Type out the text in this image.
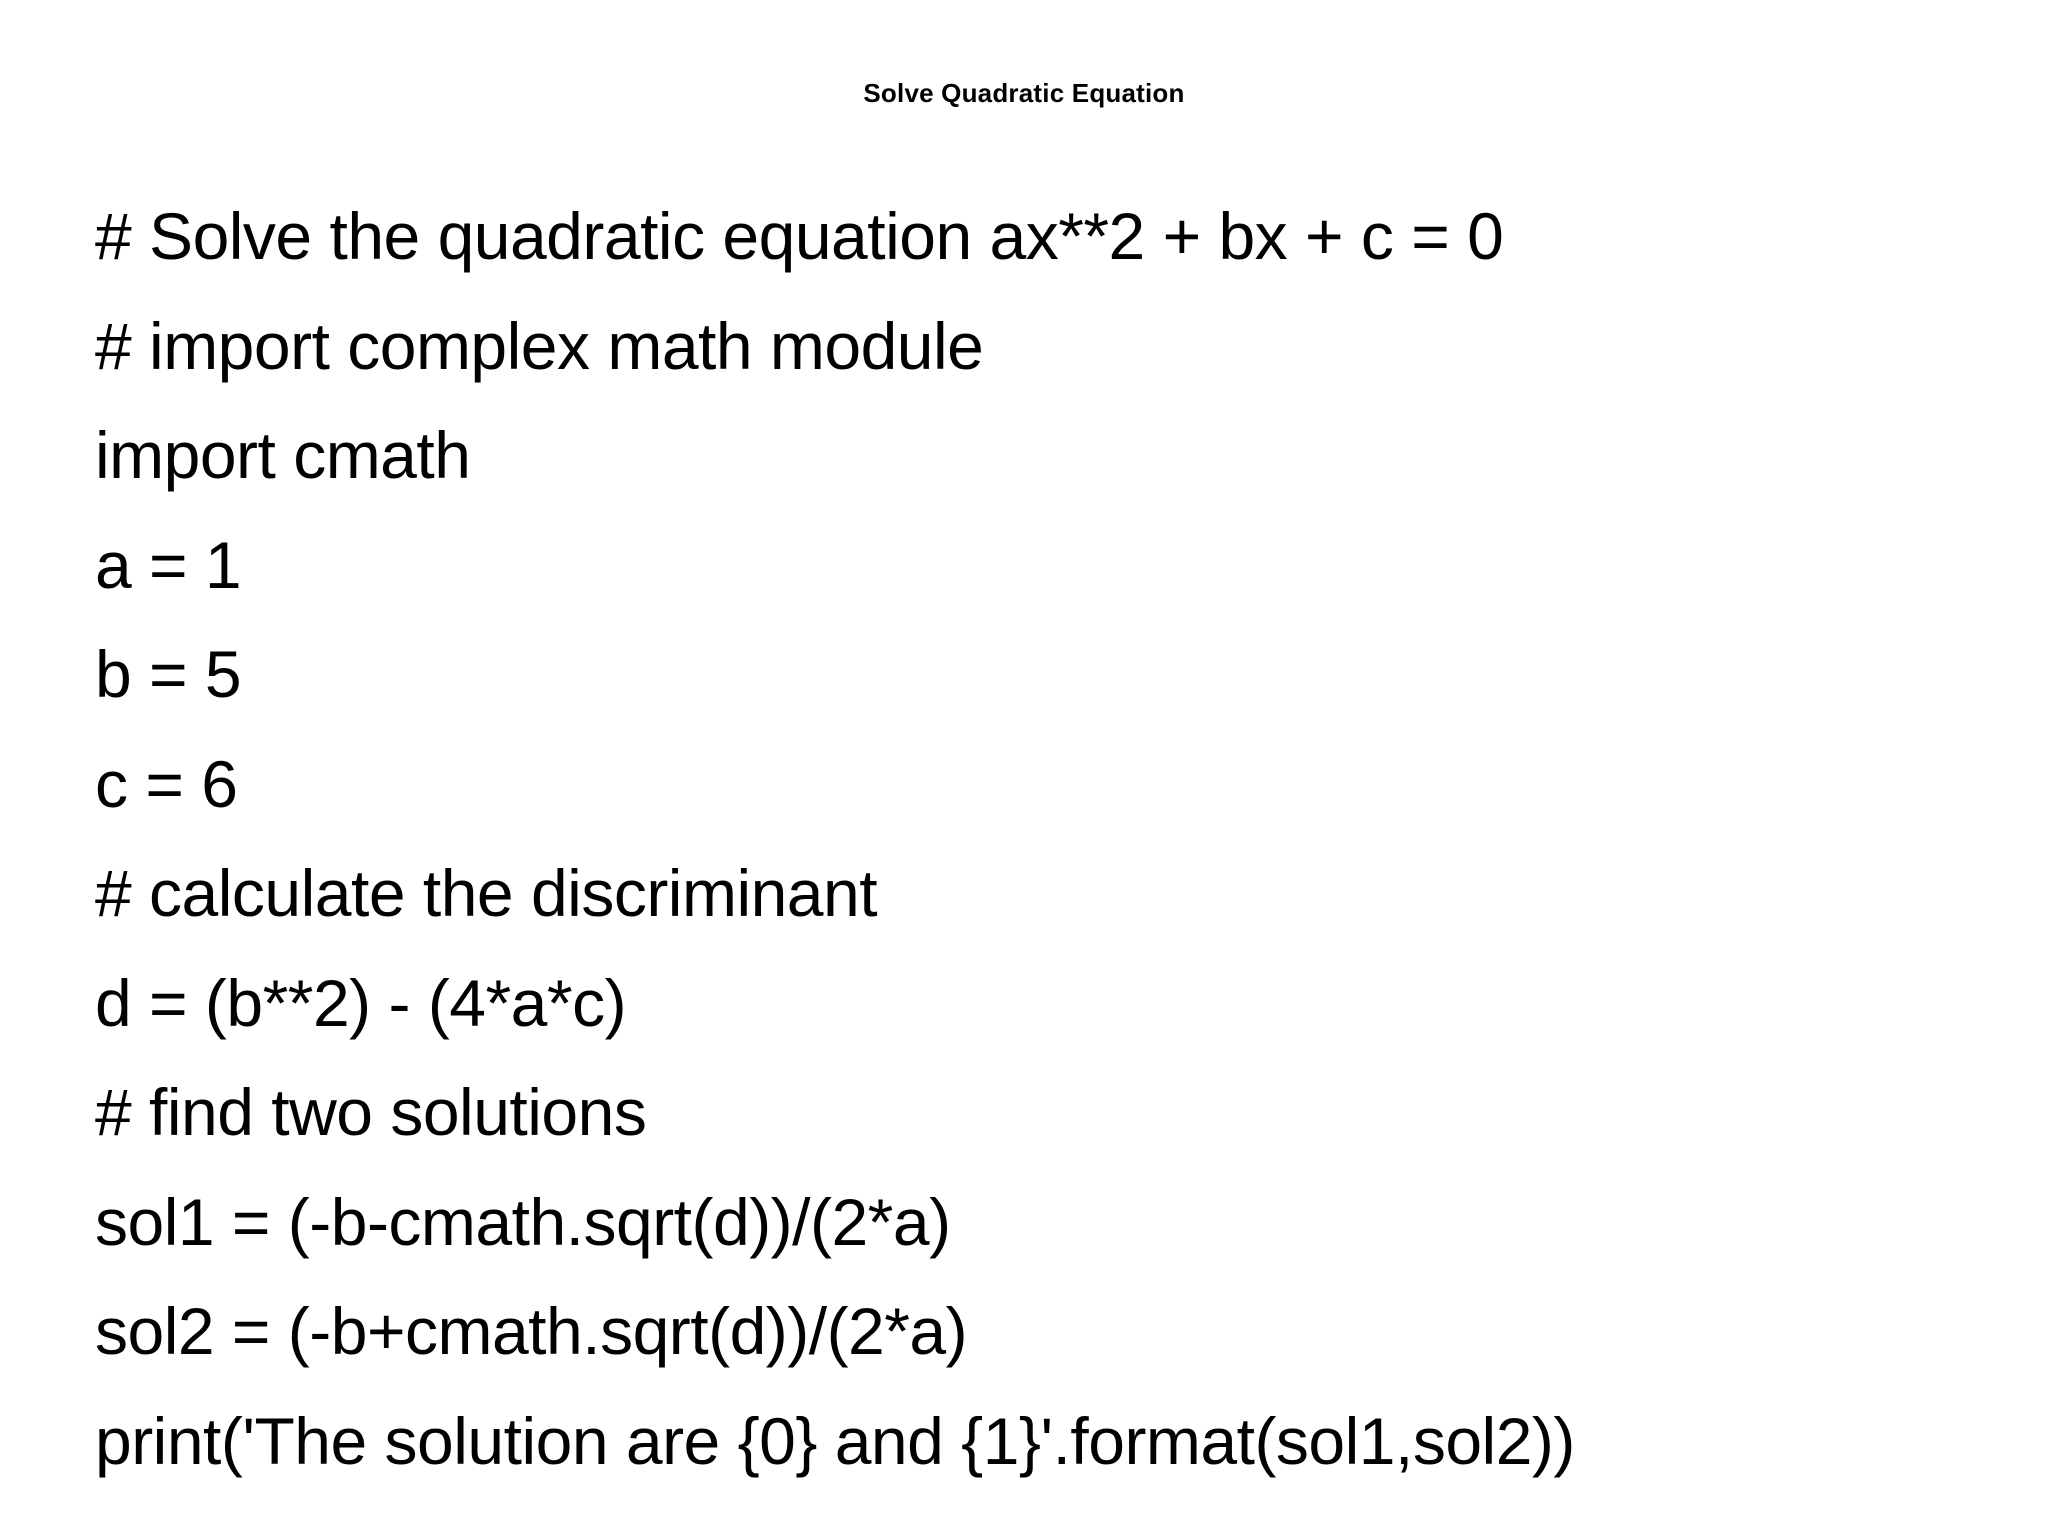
Solve Quadratic Equation
# Solve the quadratic equation ax**2 + bx + c = 0
# import complex math module
import cmath
a = 1
b = 5
c = 6
# calculate the discriminant
d = (b**2) - (4*a*c)
# find two solutions
sol1 = (-b-cmath.sqrt(d))/(2*a)
sol2 = (-b+cmath.sqrt(d))/(2*a)
print('The solution are {0} and {1}'.format(sol1,sol2))
